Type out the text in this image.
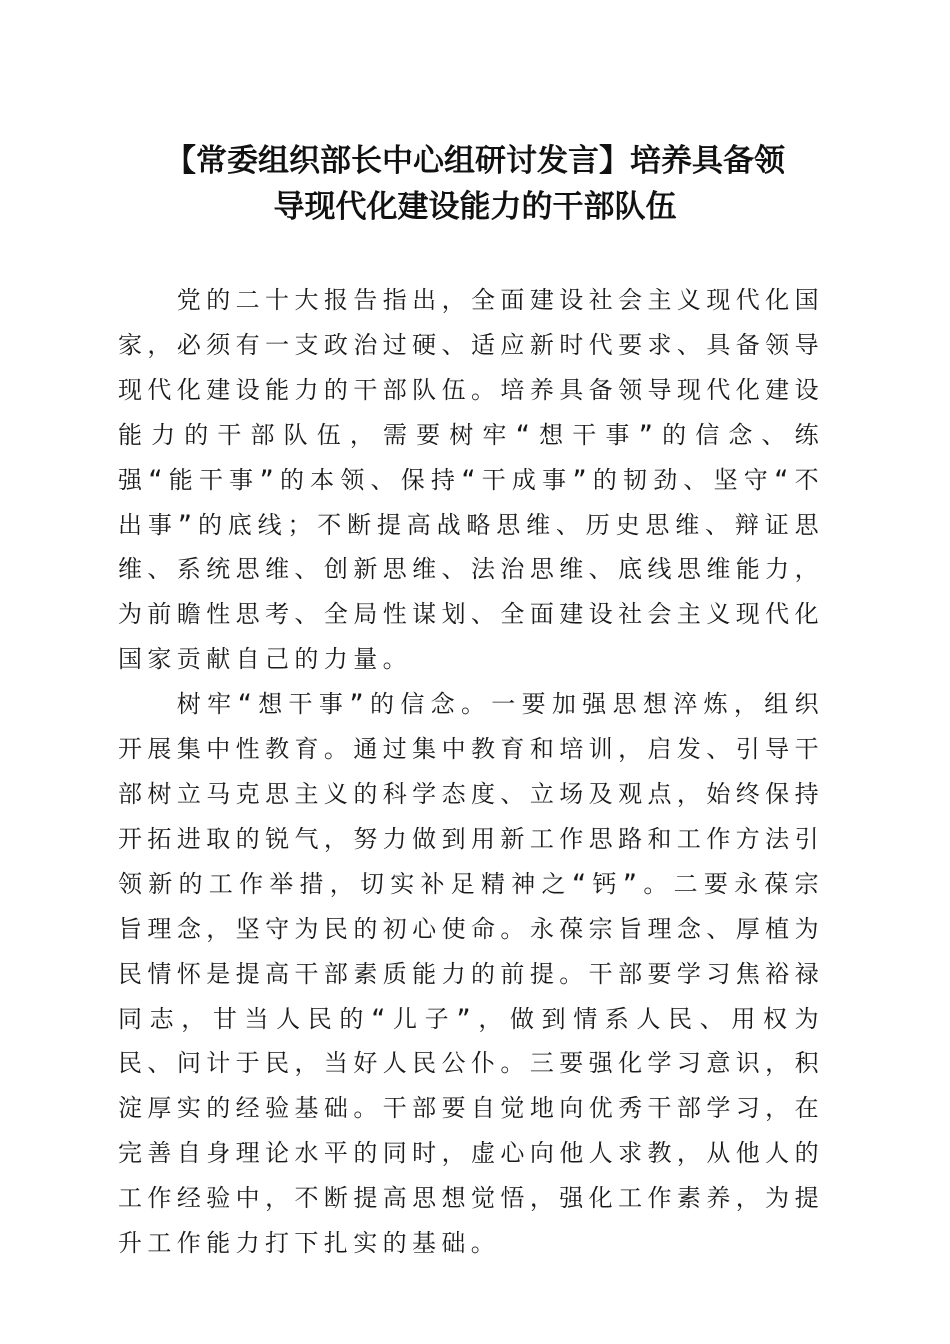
【常委组织部长中心组研讨发言】培养具备领
导现代化建设能力的干部队伍

党的二十大报告指出，全面建设社会主义现代化国家，必须有一支政治过硬、适应新时代要求、具备领导现代化建设能力的干部队伍。培养具备领导现代化建设能力的干部队伍，需要树牢“想干事”的信念、练强“能干事”的本领、保持“干成事”的韧劲、坚守“不出事”的底线；不断提高战略思维、历史思维、辩证思维、系统思维、创新思维、法治思维、底线思维能力，为前瞻性思考、全局性谋划、全面建设社会主义现代化国家贡献自己的力量。

树牢“想干事”的信念。一要加强思想淬炼，组织开展集中性教育。通过集中教育和培训，启发、引导干部树立马克思主义的科学态度、立场及观点，始终保持开拓进取的锐气，努力做到用新工作思路和工作方法引领新的工作举措，切实补足精神之“钙”。二要永葆宗旨理念，坚守为民的初心使命。永葆宗旨理念、厚植为民情怀是提高干部素质能力的前提。干部要学习焦裕禄同志，甘当人民的“儿子”，做到情系人民、用权为民、问计于民，当好人民公仆。三要强化学习意识，积淀厚实的经验基础。干部要自觉地向优秀干部学习，在完善自身理论水平的同时，虚心向他人求教，从他人的工作经验中，不断提高思想觉悟，强化工作素养，为提升工作能力打下扎实的基础。
